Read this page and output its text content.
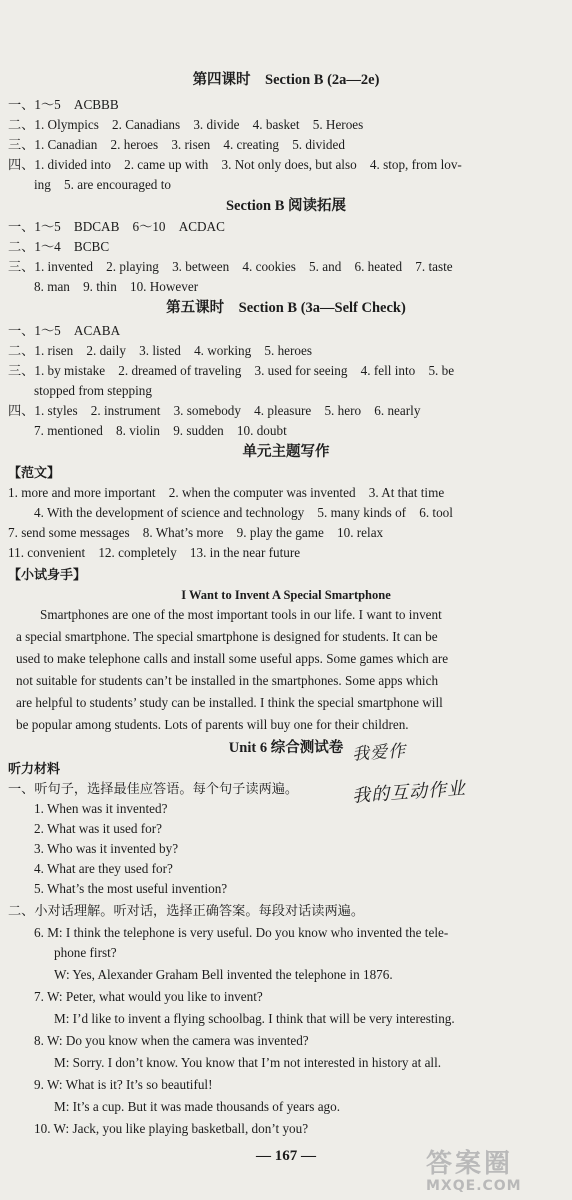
第四课时　Section B (2a—2e)
一、1～5　ACBBB
二、1. Olympics　2. Canadians　3. divide　4. basket　5. Heroes
三、1. Canadian　2. heroes　3. risen　4. creating　5. divided
四、1. divided into　2. came up with　3. Not only does, but also　4. stop, from lov-
ing　5. are encouraged to
Section B 阅读拓展
一、1～5　BDCAB　6～10　ACDAC
二、1～4　BCBC
三、1. invented　2. playing　3. between　4. cookies　5. and　6. heated　7. taste
8. man　9. thin　10. However
第五课时　Section B (3a—Self Check)
一、1～5　ACABA
二、1. risen　2. daily　3. listed　4. working　5. heroes
三、1. by mistake　2. dreamed of traveling　3. used for seeing　4. fell into　5. be
stopped from stepping
四、1. styles　2. instrument　3. somebody　4. pleasure　5. hero　6. nearly
7. mentioned　8. violin　9. sudden　10. doubt
单元主题写作
【范文】
1. more and more important　2. when the computer was invented　3. At that time
4. With the development of science and technology　5. many kinds of　6. tool
7. send some messages　8. What’s more　9. play the game　10. relax
11. convenient　12. completely　13. in the near future
【小试身手】
I Want to Invent A Special Smartphone
Smartphones are one of the most important tools in our life. I want to invent
a special smartphone. The special smartphone is designed for students. It can be
used to make telephone calls and install some useful apps. Some games which are
not suitable for students can’t be installed in the smartphones. Some apps which
are helpful to students’ study can be installed. I think the special smartphone will
be popular among students. Lots of parents will buy one for their children.
Unit 6 综合测试卷 我爱作
我的互动作业
听力材料
一、听句子，选择最佳应答语。每个句子读两遍。
1. When was it invented?
2. What was it used for?
3. Who was it invented by?
4. What are they used for?
5. What’s the most useful invention?
二、小对话理解。听对话，选择正确答案。每段对话读两遍。
6. M: I think the telephone is very useful. Do you know who invented the tele-
phone first?
W: Yes, Alexander Graham Bell invented the telephone in 1876.
7. W: Peter, what would you like to invent?
M: I’d like to invent a flying schoolbag. I think that will be very interesting.
8. W: Do you know when the camera was invented?
M: Sorry. I don’t know. You know that I’m not interested in history at all.
9. W: What is it? It’s so beautiful!
M: It’s a cup. But it was made thousands of years ago.
10. W: Jack, you like playing basketball, don’t you?
— 167 —	答案圈
MXQE.COM
